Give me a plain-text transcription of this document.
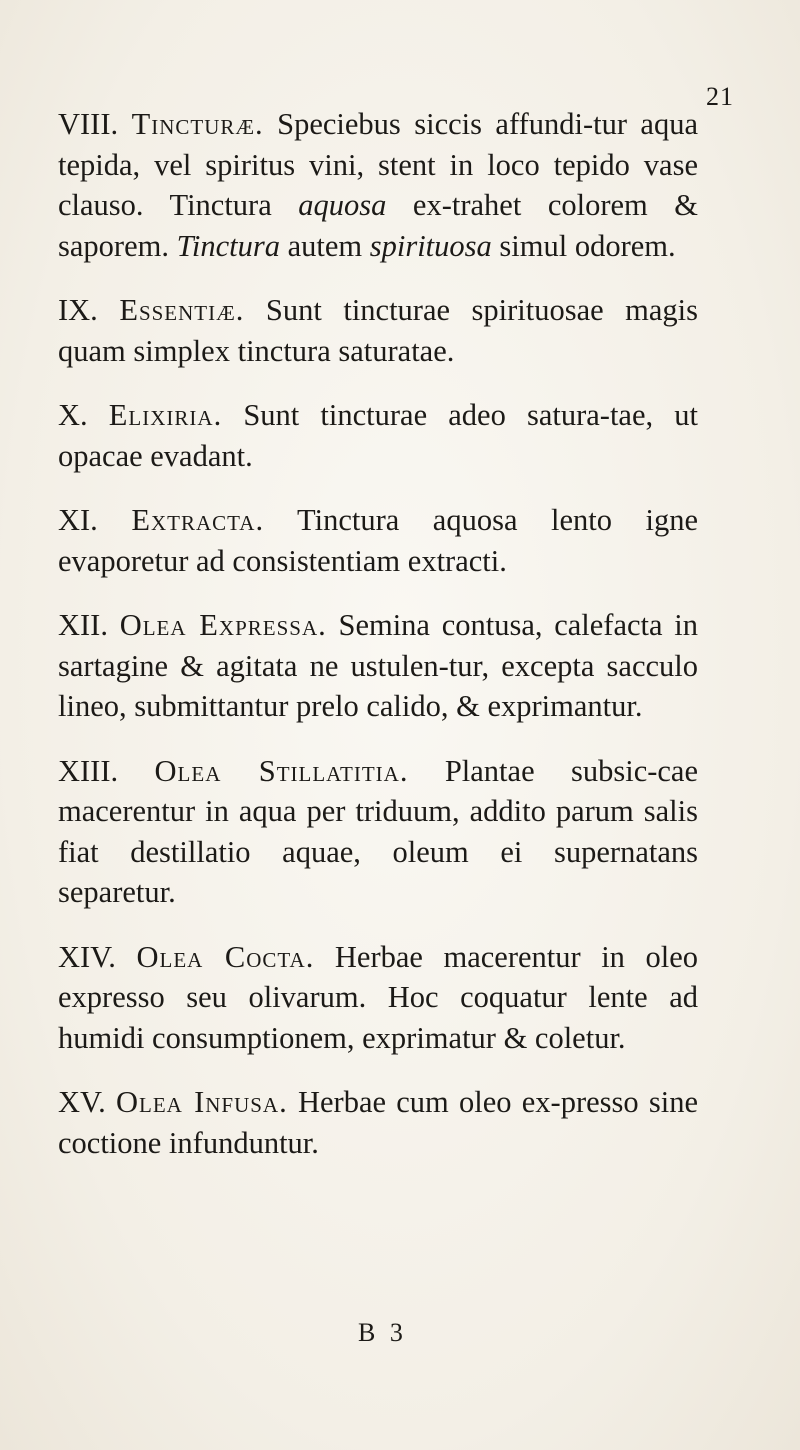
21

VIII. Tincturæ. Speciebus siccis affundi-tur aqua tepida, vel spiritus vini, stent in loco tepido vase clauso. Tinctura aquosa ex-trahet colorem & saporem. Tinctura autem spirituosa simul odorem.

IX. Essentiæ. Sunt tincturae spirituosae magis quam simplex tinctura saturatae.

X. Elixiria. Sunt tincturae adeo satura-tae, ut opacae evadant.

XI. Extracta. Tinctura aquosa lento igne evaporetur ad consistentiam extracti.

XII. Olea Expressa. Semina contusa, calefacta in sartagine & agitata ne ustulen-tur, excepta sacculo lineo, submittantur prelo calido, & exprimantur.

XIII. Olea Stillatitia. Plantae subsic-cae macerentur in aqua per triduum, addito parum salis fiat destillatio aquae, oleum ei supernatans separetur.

XIV. Olea Cocta. Herbae macerentur in oleo expresso seu olivarum. Hoc coquatur lente ad humidi consumptionem, exprimatur & coletur.

XV. Olea Infusa. Herbae cum oleo ex-presso sine coctione infunduntur.

B 3
